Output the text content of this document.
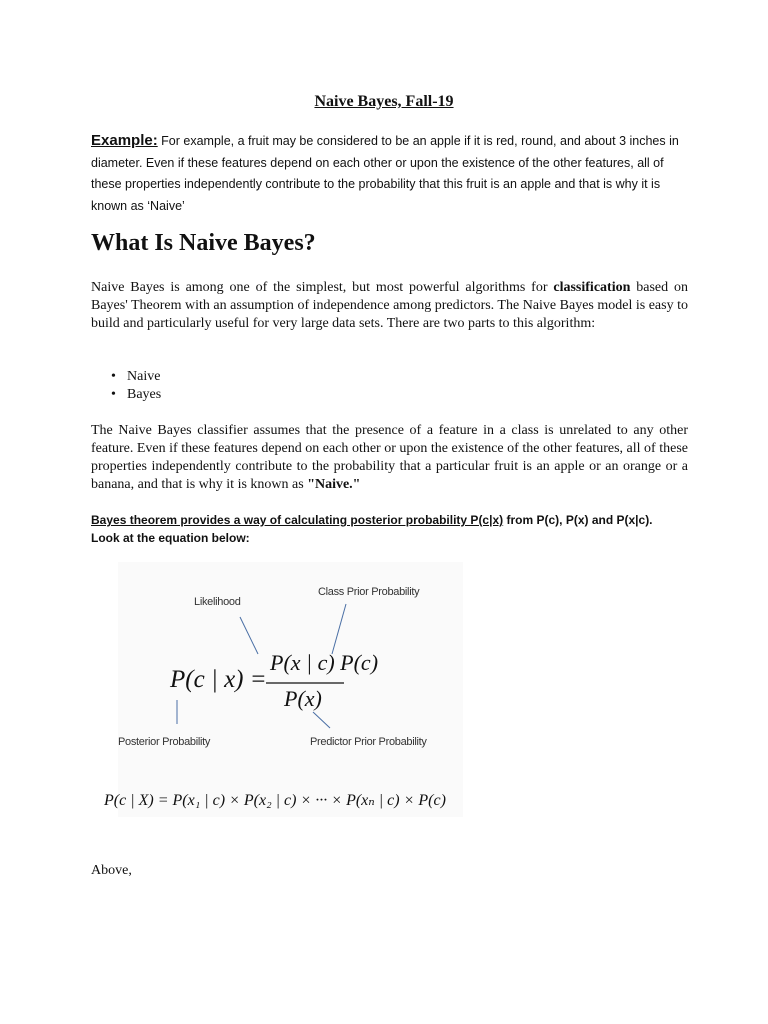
Naive Bayes, Fall-19
Example: For example, a fruit may be considered to be an apple if it is red, round, and about 3 inches in diameter. Even if these features depend on each other or upon the existence of the other features, all of these properties independently contribute to the probability that this fruit is an apple and that is why it is known as ‘Naive’
What Is Naive Bayes?
Naive Bayes is among one of the simplest, but most powerful algorithms for classification based on Bayes' Theorem with an assumption of independence among predictors. The Naive Bayes model is easy to build and particularly useful for very large data sets. There are two parts to this algorithm:
• Naive
• Bayes
The Naive Bayes classifier assumes that the presence of a feature in a class is unrelated to any other feature. Even if these features depend on each other or upon the existence of the other features, all of these properties independently contribute to the probability that a particular fruit is an apple or an orange or a banana, and that is why it is known as "Naive."
Bayes theorem provides a way of calculating posterior probability P(c|x) from P(c), P(x) and P(x|c).
Look at the equation below:
Likelihood
Class Prior Probability
Posterior Probability	Predictor Prior Probability
P(c | x) =
P(x | c) P(c)
P(x)
P(c | X) = P(x₁ | c) × P(x₂ | c) × ··· × P(xₙ | c) × P(c)
Above,
